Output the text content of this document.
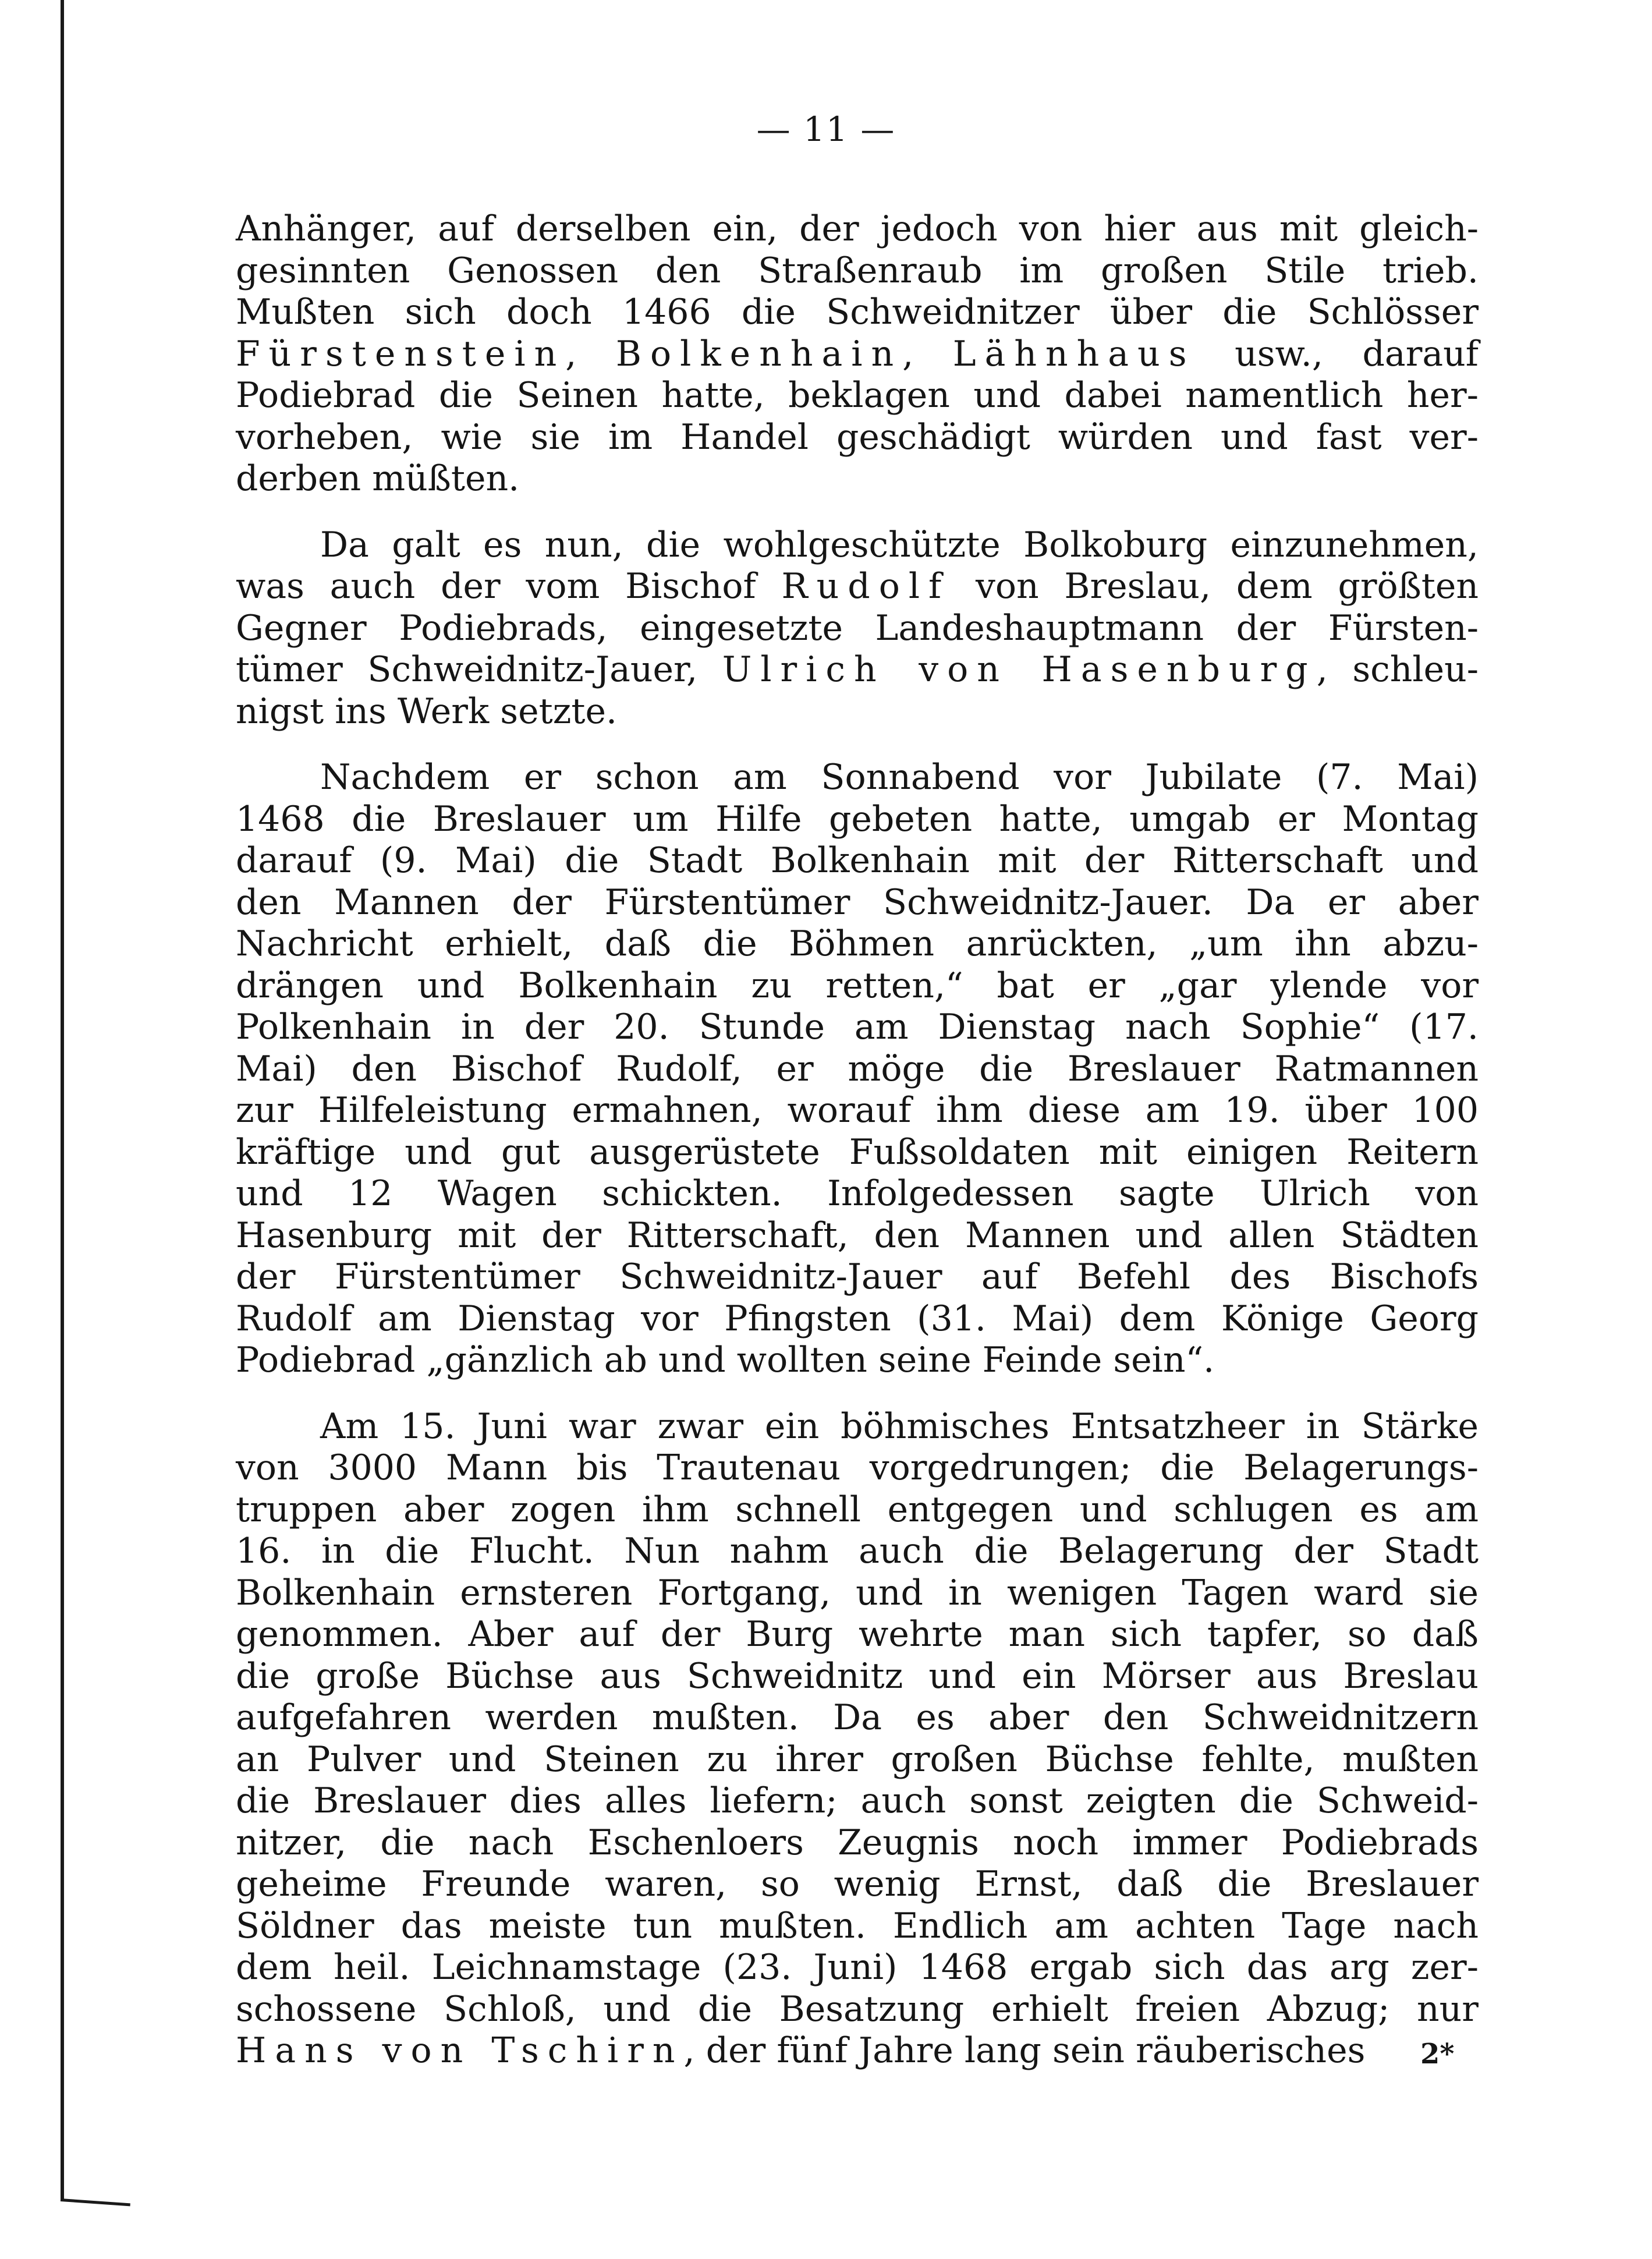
— 11 —
Anhänger, auf derselben ein, der jedoch von hier aus mit gleich-
gesinnten Genossen den Straßenraub im großen Stile trieb.
Mußten sich doch 1466 die Schweidnitzer über die Schlösser
Fürstenstein, Bolkenhain, Lähnhaus usw., darauf
Podiebrad die Seinen hatte, beklagen und dabei namentlich her-
vorheben, wie sie im Handel geschädigt würden und fast ver-
derben müßten.
Da galt es nun, die wohlgeschützte Bolkoburg einzunehmen,
was auch der vom Bischof Rudolf von Breslau, dem größten
Gegner Podiebrads, eingesetzte Landeshauptmann der Fürsten-
tümer Schweidnitz-Jauer, Ulrich von Hasenburg, schleu-
nigst ins Werk setzte.
Nachdem er schon am Sonnabend vor Jubilate (7. Mai)
1468 die Breslauer um Hilfe gebeten hatte, umgab er Montag
darauf (9. Mai) die Stadt Bolkenhain mit der Ritterschaft und
den Mannen der Fürstentümer Schweidnitz-Jauer. Da er aber
Nachricht erhielt, daß die Böhmen anrückten, „um ihn abzu-
drängen und Bolkenhain zu retten,“ bat er „gar ylende vor
Polkenhain in der 20. Stunde am Dienstag nach Sophie“ (17.
Mai) den Bischof Rudolf, er möge die Breslauer Ratmannen
zur Hilfeleistung ermahnen, worauf ihm diese am 19. über 100
kräftige und gut ausgerüstete Fußsoldaten mit einigen Reitern
und 12 Wagen schickten. Infolgedessen sagte Ulrich von
Hasenburg mit der Ritterschaft, den Mannen und allen Städten
der Fürstentümer Schweidnitz-Jauer auf Befehl des Bischofs
Rudolf am Dienstag vor Pfingsten (31. Mai) dem Könige Georg
Podiebrad „gänzlich ab und wollten seine Feinde sein“.
Am 15. Juni war zwar ein böhmisches Entsatzheer in Stärke
von 3000 Mann bis Trautenau vorgedrungen; die Belagerungs-
truppen aber zogen ihm schnell entgegen und schlugen es am
16. in die Flucht. Nun nahm auch die Belagerung der Stadt
Bolkenhain ernsteren Fortgang, und in wenigen Tagen ward sie
genommen. Aber auf der Burg wehrte man sich tapfer, so daß
die große Büchse aus Schweidnitz und ein Mörser aus Breslau
aufgefahren werden mußten. Da es aber den Schweidnitzern
an Pulver und Steinen zu ihrer großen Büchse fehlte, mußten
die Breslauer dies alles liefern; auch sonst zeigten die Schweid-
nitzer, die nach Eschenloers Zeugnis noch immer Podiebrads
geheime Freunde waren, so wenig Ernst, daß die Breslauer
Söldner das meiste tun mußten. Endlich am achten Tage nach
dem heil. Leichnamstage (23. Juni) 1468 ergab sich das arg zer-
schossene Schloß, und die Besatzung erhielt freien Abzug; nur
Hans von Tschirn, der fünf Jahre lang sein räuberisches	2*
